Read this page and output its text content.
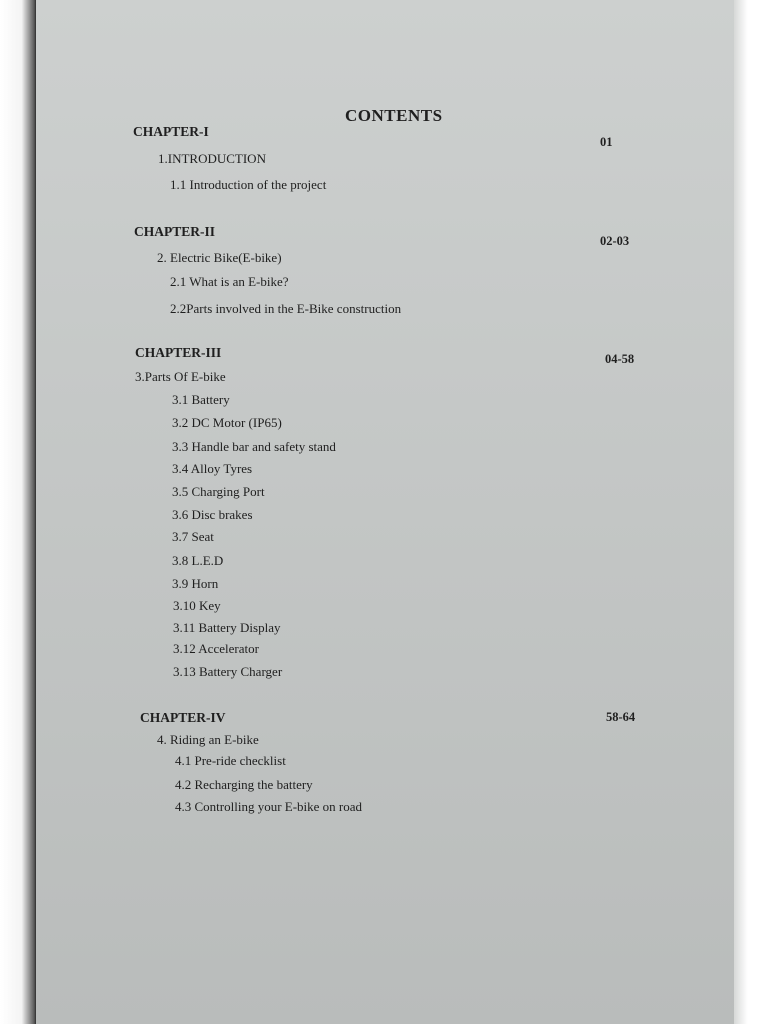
CONTENTS
CHAPTER-I
01
1.INTRODUCTION
1.1 Introduction of the project
CHAPTER-II
02-03
2. Electric Bike(E-bike)
2.1 What is an E-bike?
2.2Parts involved in the E-Bike construction
CHAPTER-III	04-58
3.Parts Of E-bike
3.1 Battery
3.2 DC Motor (IP65)
3.3 Handle bar and safety stand
3.4 Alloy Tyres
3.5 Charging Port
3.6 Disc brakes
3.7 Seat
3.8 L.E.D
3.9 Horn
3.10 Key
3.11 Battery Display
3.12 Accelerator
3.13 Battery Charger
CHAPTER-IV	58-64
4. Riding an E-bike
4.1 Pre-ride checklist
4.2 Recharging the battery
4.3 Controlling your E-bike on road
